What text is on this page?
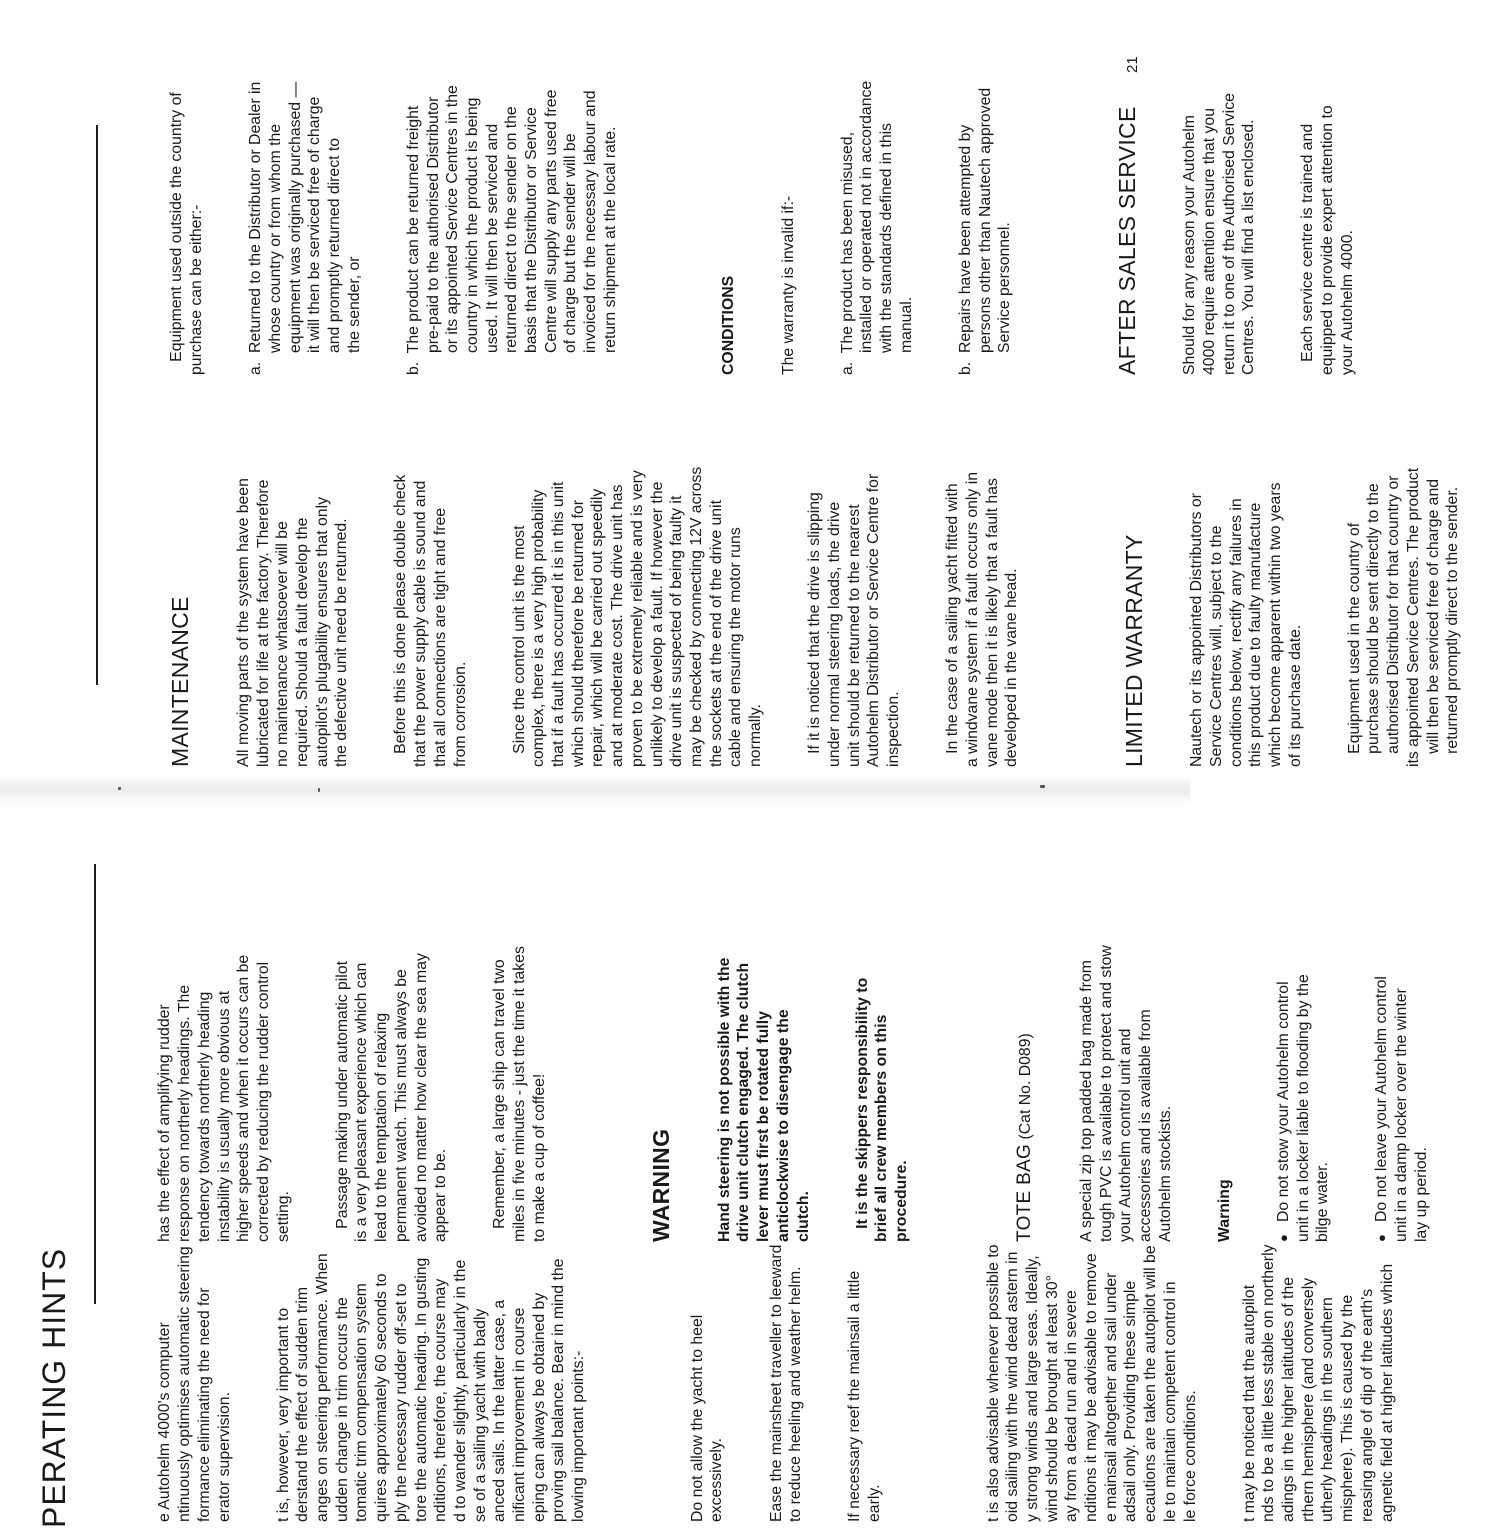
PERATING HINTS

	e Autohelm 4000's computer
ntinuously optimises automatic steering
formance eliminating the need for
erator supervision.

t is, however, very important to
derstand the effect of sudden trim
anges on steering performance. When
udden change in trim occurs the
tomatic trim compensation system
quires approximately 60 seconds to
ply the necessary rudder off-set to
tore the automatic heading. In gusting
nditions, therefore, the course may
d to wander slightly, particularly in the
se of a sailing yacht with badly
anced sails. In the latter case, a
nificant improvement in course
eping can always be obtained by
proving sail balance. Bear in mind the
lowing important points:-

Do not allow the yacht to heel
excessively.

	Ease the mainsheet traveller to leeward
to reduce heeling and weather helm.

If necessary reef the mainsail a little
early.

	t is also advisable whenever possible to
oid sailing with the wind dead astern in
y strong winds and large seas. Ideally,
wind should be brought at least 30°
ay from a dead run and in severe
nditions it may be advisable to remove
e mainsail altogether and sail under
adsail only. Providing these simple
ecautions are taken the autopilot will be
le to maintain competent control in
le force conditions.

t may be noticed that the autopilot
nds to be a little less stable on northerly
adings in the higher latitudes of the
rthern hemisphere (and conversely
utherly headings in the southern
misphere). This is caused by the
reasing angle of dip of the earth's
agnetic field at higher latitudes which

has the effect of amplifying rudder
response on northerly headings. The
tendency towards northerly heading
instability is usually more obvious at
higher speeds and when it occurs can be
corrected by reducing the rudder control
setting.

	Passage making under automatic pilot
is a very pleasant experience which can
lead to the temptation of relaxing
permanent watch. This must always be
avoided no matter how clear the sea may
appear to be.

	Remember, a large ship can travel two
miles in five minutes - just the time it takes
to make a cup of coffee!

WARNING

	Hand steering is not possible with the
drive unit clutch engaged. The clutch
lever must first be rotated fully
anticlockwise to disengage the
clutch.

	It is the skippers responsibility to
brief all crew members on this
procedure.

	TOTE BAG (Cat No. D089)

A special zip top padded bag made from
tough PVC is available to protect and stow
your Autohelm control unit and
accessories and is available from
Autohelm stockists.

Warning

●	Do not stow your Autohelm control
unit in a locker liable to flooding by the
bilge water.

● Do not leave your Autohelm control
unit in a damp locker over the winter
lay up period.

MAINTENANCE

	All moving parts of the system have been
lubricated for life at the factory. Therefore
no maintenance whatsoever will be
required. Should a fault develop the
autopilot's plugability ensures that only
the defective unit need be returned.

Before this is done please double check
that the power supply cable is sound and
that all connections are tight and free
from corrosion.

Since the control unit is the most
complex, there is a very high probability
that if a fault has occurred it is in this unit
which should therefore be returned for
repair, which will be carried out speedily
and at moderate cost. The drive unit has
proven to be extremely reliable and is very
unlikely to develop a fault. If however the
drive unit is suspected of being faulty it
may be checked by connecting 12V across
the sockets at the end of the drive unit
cable and ensuring the motor runs
normally.

	If it is noticed that the drive is slipping
under normal steering loads, the drive
unit should be returned to the nearest
Autohelm Distributor or Service Centre for
inspection.

	In the case of a sailing yacht fitted with
a windvane system if a fault occurs only in
vane mode then it is likely that a fault has
developed in the vane head.

	LIMITED WARRANTY

	Nautech or its appointed Distributors or
Service Centres will, subject to the
conditions below, rectify any failures in
this product due to faulty manufacture
which become apparent within two years
of its purchase date.

Equipment used in the country of
purchase should be sent directly to the
authorised Distributor for that country or
its appointed Service Centres. The product
will then be serviced free of charge and
returned promptly direct to the sender.

Equipment used outside the country of
purchase can be either:-

a.  Returned to the Distributor or Dealer in
whose country or from whom the
equipment was originally purchased —
it will then be serviced free of charge
and promptly returned direct to
the sender, or

b.  The product can be returned freight
pre-paid to the authorised Distributor
or its appointed Service Centres in the
country in which the product is being
used. It will then be serviced and
returned direct to the sender on the
basis that the Distributor or Service
Centre will supply any parts used free
of charge but the sender will be
invoiced for the necessary labour and
return shipment at the local rate.

CONDITIONS

	The warranty is invalid if:-

	a.  The product has been misused,
installed or operated not in accordance
with the standards defined in this
manual.

b.  Repairs have been attempted by
persons other than Nautech approved
Service personnel.

	AFTER SALES SERVICE

	Should for any reason your Autohelm
4000 require attention ensure that you
return it to one of the Authorised Service
Centres. You will find a list enclosed.

Each service centre is trained and
equipped to provide expert attention to
your Autohelm 4000.

21
